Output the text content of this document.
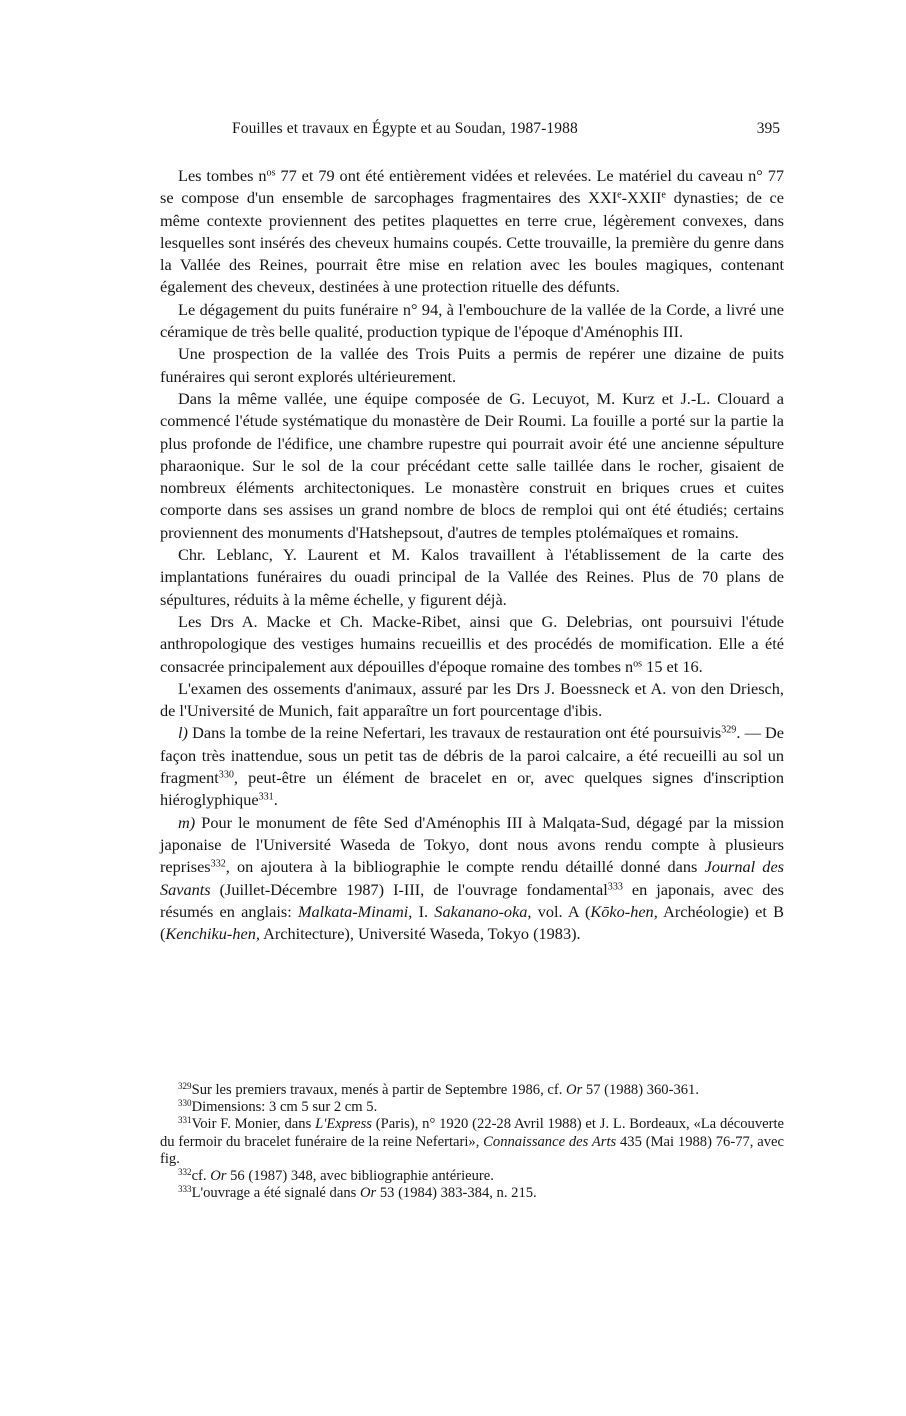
Fouilles et travaux en Égypte et au Soudan, 1987-1988	395

Les tombes $n^{os}$ 77 et 79 ont été entièrement vidées et relevées. Le matériel du caveau n° 77 se compose d'un ensemble de sarcophages fragmentaires des XXIe-XXIIe dynasties; de ce même contexte proviennent des petites plaquettes en terre crue, légèrement convexes, dans lesquelles sont insérés des cheveux humains coupés. Cette trouvaille, la première du genre dans la Vallée des Reines, pourrait être mise en relation avec les boules magiques, contenant également des cheveux, destinées à une protection rituelle des défunts.

Le dégagement du puits funéraire n° 94, à l'embouchure de la vallée de la Corde, a livré une céramique de très belle qualité, production typique de l'époque d'Aménophis III.

Une prospection de la vallée des Trois Puits a permis de repérer une dizaine de puits funéraires qui seront explorés ultérieurement.

Dans la même vallée, une équipe composée de G. Lecuyot, M. Kurz et J.-L. Clouard a commencé l'étude systématique du monastère de Deir Roumi. La fouille a porté sur la partie la plus profonde de l'édifice, une chambre rupestre qui pourrait avoir été une ancienne sépulture pharaonique. Sur le sol de la cour précédant cette salle taillée dans le rocher, gisaient de nombreux éléments architectoniques. Le monastère construit en briques crues et cuites comporte dans ses assises un grand nombre de blocs de remploi qui ont été étudiés; certains proviennent des monuments d'Hatshepsout, d'autres de temples ptolémaïques et romains.

Chr. Leblanc, Y. Laurent et M. Kalos travaillent à l'établissement de la carte des implantations funéraires du ouadi principal de la Vallée des Reines. Plus de 70 plans de sépultures, réduits à la même échelle, y figurent déjà.

Les Drs A. Macke et Ch. Macke-Ribet, ainsi que G. Delebrias, ont poursuivi l'étude anthropologique des vestiges humains recueillis et des procédés de momification. Elle a été consacrée principalement aux dépouilles d'époque romaine des tombes $n^{os}$ 15 et 16.

L'examen des ossements d'animaux, assuré par les Drs J. Boessneck et A. von den Driesch, de l'Université de Munich, fait apparaître un fort pourcentage d'ibis.

l) Dans la tombe de la reine Nefertari, les travaux de restauration ont été poursuivis$^{329}$. — De façon très inattendue, sous un petit tas de débris de la paroi calcaire, a été recueilli au sol un fragment$^{330}$, peut-être un élément de bracelet en or, avec quelques signes d'inscription hiéroglyphique$^{331}$.

m) Pour le monument de fête Sed d'Aménophis III à Malqata-Sud, dégagé par la mission japonaise de l'Université Waseda de Tokyo, dont nous avons rendu compte à plusieurs reprises$^{332}$, on ajoutera à la bibliographie le compte rendu détaillé donné dans Journal des Savants (Juillet-Décembre 1987) I-III, de l'ouvrage fondamental$^{333}$ en japonais, avec des résumés en anglais: Malkata-Minami, I. Sakanano-oka, vol. A (Kōko-hen, Archéologie) et B (Kenchiku-hen, Architecture), Université Waseda, Tokyo (1983).

$^{329}$Sur les premiers travaux, menés à partir de Septembre 1986, cf. Or 57 (1988) 360-361.

$^{330}$Dimensions: 3 cm 5 sur 2 cm 5.

$^{331}$Voir F. Monier, dans L'Express (Paris), n° 1920 (22-28 Avril 1988) et J. L. Bordeaux, «La découverte du fermoir du bracelet funéraire de la reine Nefertari», Connaissance des Arts 435 (Mai 1988) 76-77, avec fig.

$^{332}$cf. Or 56 (1987) 348, avec bibliographie antérieure.

$^{333}$L'ouvrage a été signalé dans Or 53 (1984) 383-384, n. 215.
